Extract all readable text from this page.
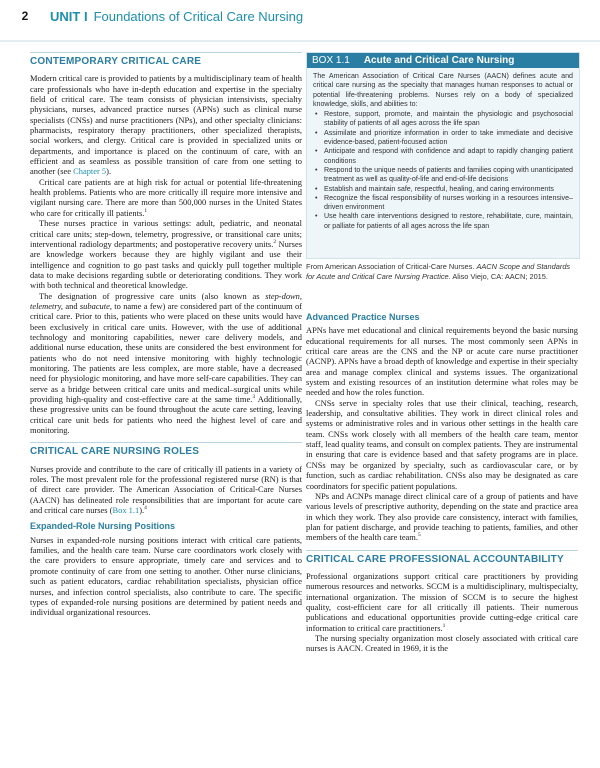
2	UNIT I Foundations of Critical Care Nursing
CONTEMPORARY CRITICAL CARE

Modern critical care is provided to patients by a multidisciplinary team of health care professionals who have in-depth education and expertise in the specialty field of critical care. The team consists of physician intensivists, specialty physicians, nurses, advanced practice nurses (APNs) such as clinical nurse specialists (CNSs) and nurse practitioners (NPs), and other specialty clinicians: pharmacists, respiratory therapy practitioners, other specialized therapists, social workers, and clergy. Critical care is provided in specialized units or departments, and importance is placed on the continuum of care, with an efficient and as seamless as possible transition of care from one setting to another (see Chapter 5).

Critical care patients are at high risk for actual or potential life-threatening health problems. Patients who are more critically ill require more intensive and vigilant nursing care. There are more than 500,000 nurses in the United States who care for critically ill patients.$^1$

These nurses practice in various settings: adult, pediatric, and neonatal critical care units; step-down, telemetry, progressive, or transitional care units; interventional radiology departments; and postoperative recovery units.$^2$ Nurses are knowledge workers because they are highly vigilant and use their intelligence and cognition to go past tasks and quickly pull together multiple data to make decisions regarding subtle or deteriorating conditions. They work with both technical and theoretical knowledge.

The designation of progressive care units (also known as step-down, telemetry, and subacute, to name a few) are considered part of the continuum of critical care. Prior to this, patients who were placed on these units would have been exclusively in critical care units. However, with the use of additional technology and monitoring capabilities, newer care delivery models, and additional nurse education, these units are considered the best environment for patients who do not need intensive monitoring with highly technologic monitoring. The patients are less complex, are more stable, have a decreased need for physiologic monitoring, and have more self-care capabilities. They can serve as a bridge between critical care units and medical–surgical units while providing high-quality and cost-effective care at the same time.$^3$ Additionally, these progressive units can be found throughout the acute care setting, leaving critical care unit beds for patients who need the highest level of care and monitoring.

CRITICAL CARE NURSING ROLES

Nurses provide and contribute to the care of critically ill patients in a variety of roles. The most prevalent role for the professional registered nurse (RN) is that of direct care provider. The American Association of Critical-Care Nurses (AACN) has delineated role responsibilities that are important for acute care and critical care nurses (Box 1.1).$^4$

Expanded-Role Nursing Positions

Nurses in expanded-role nursing positions interact with critical care patients, families, and the health care team. Nurse care coordinators work closely with the care providers to ensure appropriate, timely care and services and to promote continuity of care from one setting to another. Other nurse clinicians, such as patient educators, cardiac rehabilitation specialists, physician office nurses, and infection control specialists, also contribute to care. The specific types of expanded-role nursing positions are determined by patient needs and individual organizational resources.

BOX 1.1 Acute and Critical Care Nursing
The American Association of Critical Care Nurses (AACN) defines acute and critical care nursing as the specialty that manages human responses to actual or potential life-threatening problems. Nurses rely on a body of specialized knowledge, skills, and abilities to:
• Restore, support, promote, and maintain the physiologic and psychosocial stability of patients of all ages across the life span
• Assimilate and prioritize information in order to take immediate and decisive evidence-based, patient-focused action
• Anticipate and respond with confidence and adapt to rapidly changing patient conditions
• Respond to the unique needs of patients and families coping with unanticipated treatment as well as quality-of-life and end-of-life decisions
• Establish and maintain safe, respectful, healing, and caring environments
• Recognize the fiscal responsibility of nurses working in a resources intensive–driven environment
• Use health care interventions designed to restore, rehabilitate, cure, maintain, or palliate for patients of all ages across the life span
From American Association of Critical-Care Nurses. AACN Scope and Standards for Acute and Critical Care Nursing Practice. Aliso Viejo, CA: AACN; 2015.
Advanced Practice Nurses

APNs have met educational and clinical requirements beyond the basic nursing educational requirements for all nurses. The most commonly seen APNs in critical care areas are the CNS and the NP or acute care nurse practitioner (ACNP). APNs have a broad depth of knowledge and expertise in their specialty area and manage complex clinical and systems issues. The organizational system and existing resources of an institution determine what roles may be needed and how the roles function.

CNSs serve in specialty roles that use their clinical, teaching, research, leadership, and consultative abilities. They work in direct clinical roles and systems or administrative roles and in various other settings in the health care team. CNSs work closely with all members of the health care team, mentor staff, lead quality teams, and consult on complex patients. They are instrumental in ensuring that care is evidence based and that safety programs are in place. CNSs may be organized by specialty, such as cardiovascular care, or by function, such as cardiac rehabilitation. CNSs also may be designated as care coordinators for specific patient populations.

NPs and ACNPs manage direct clinical care of a group of patients and have various levels of prescriptive authority, depending on the state and practice area in which they work. They also provide care consistency, interact with families, plan for patient discharge, and provide teaching to patients, families, and other members of the health care team.$^5$

CRITICAL CARE PROFESSIONAL ACCOUNTABILITY

Professional organizations support critical care practitioners by providing numerous resources and networks. SCCM is a multidisciplinary, multispecialty, international organization. The mission of SCCM is to secure the highest quality, cost-efficient care for all critically ill patients. Their numerous publications and educational opportunities provide cutting-edge critical care information to critical care practitioners.$^1$

The nursing specialty organization most closely associated with critical care nurses is AACN. Created in 1969, it is the
